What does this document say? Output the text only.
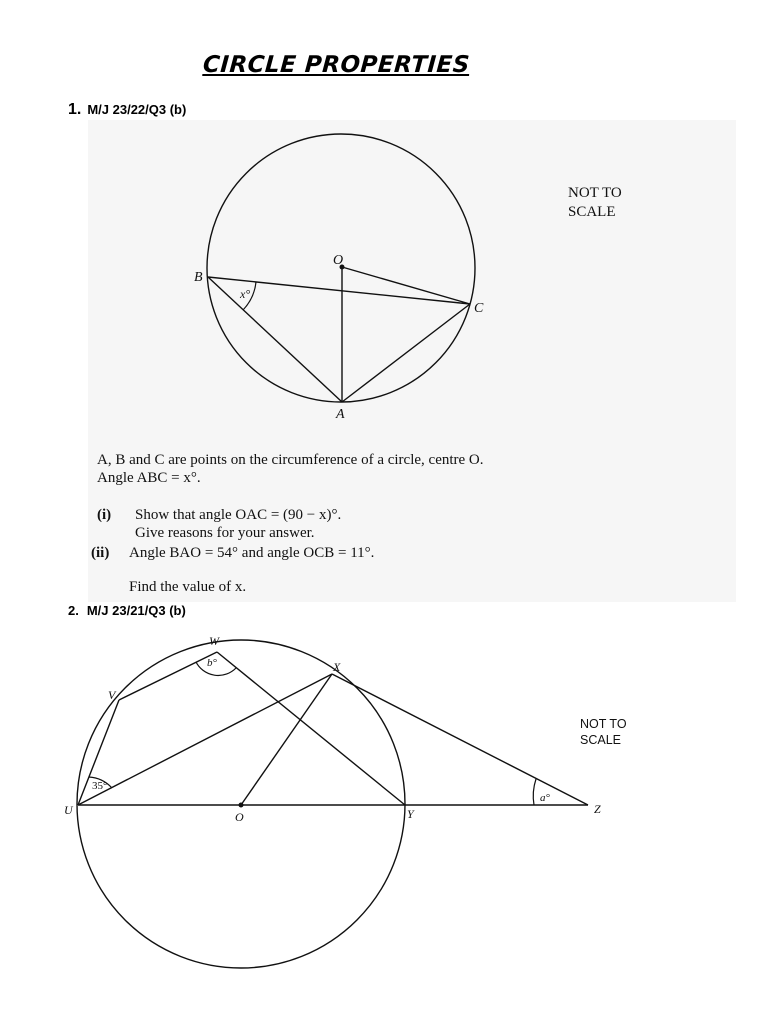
CIRCLE PROPERTIES
1. M/J 23/22/Q3 (b)
O
B
C
A
x°

NOT TO
SCALE

A, B and C are points on the circumference of a circle, centre O.

Angle ABC = x°.

(i) Show that angle OAC = (90 − x)°.
Give reasons for your answer.
(ii) Angle BAO = 54° and angle OCB = 11°.
Find the value of x.
2. M/J 23/21/Q3 (b)
W
X
V
U	O	Y	Z
b°
35°
a°

NOT TO
SCALE
